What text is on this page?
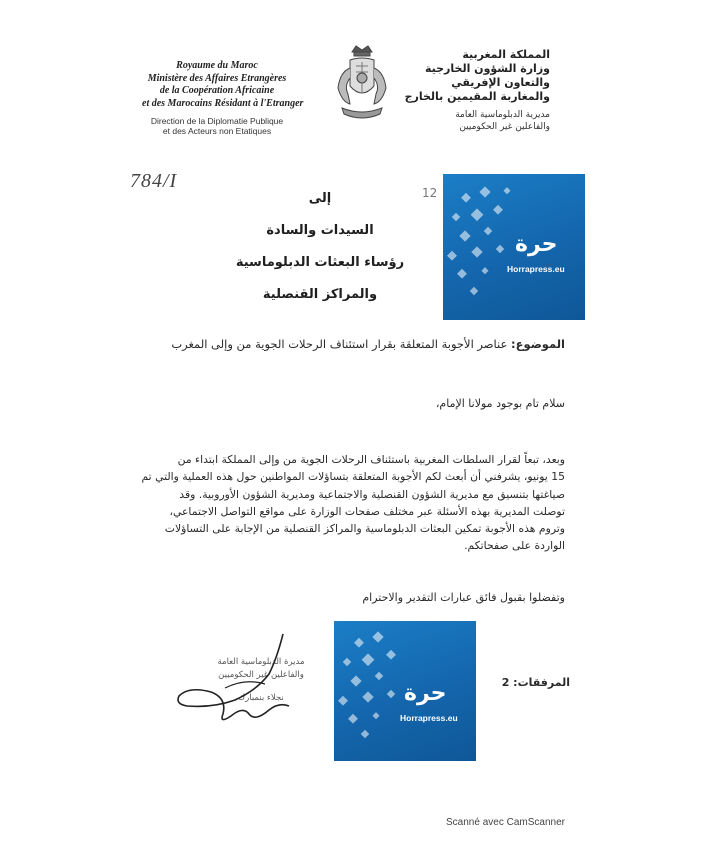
Royaume du Maroc
Ministère des Affaires Etrangères
de la Coopération Africaine
et des Marocains Résidant à l'Etranger
Direction de la Diplomatie Publique
et des Acteurs non Etatiques
المملكة المغربية
وزارة الشؤون الخارجية
والتعاون الإفريقي
والمغاربة المقيمين بالخارج
مديرية الدبلوماسية العامة
والفاعلين غير الحكوميين
784/I
12
إلى
السيدات والسادة
رؤساء البعثات الدبلوماسية
والمراكز القنصلية
حرة
Horrapress.eu
الموضوع: عناصر الأجوبة المتعلقة بقرار استئناف الرحلات الجوية من وإلى المغرب
سلام تام بوجود مولانا الإمام،
وبعد، تبعاً لقرار السلطات المغربية باستئناف الرحلات الجوية من وإلى المملكة ابتداء من
15 يونيو، يشرفني أن أبعث لكم الأجوبة المتعلقة بتساؤلات المواطنين حول هذه العملية والتي تم
صياغتها بتنسيق مع مديرية الشؤون القنصلية والاجتماعية ومديرية الشؤون الأوروبية. وقد
توصلت المديرية بهذه الأسئلة عبر مختلف صفحات الوزارة على مواقع التواصل الاجتماعي،
وتروم هذه الأجوبة تمكين البعثات الدبلوماسية والمراكز القنصلية من الإجابة على التساؤلات
الواردة على صفحاتكم.
وتفضلوا بقبول فائق عبارات التقدير والاحترام
مديرة الدبلوماسية العامة
والفاعلين غير الحكوميين
نجلاء بنمبارك	حرة
Horrapress.eu
المرفقات: 2
Scanné avec CamScanner
